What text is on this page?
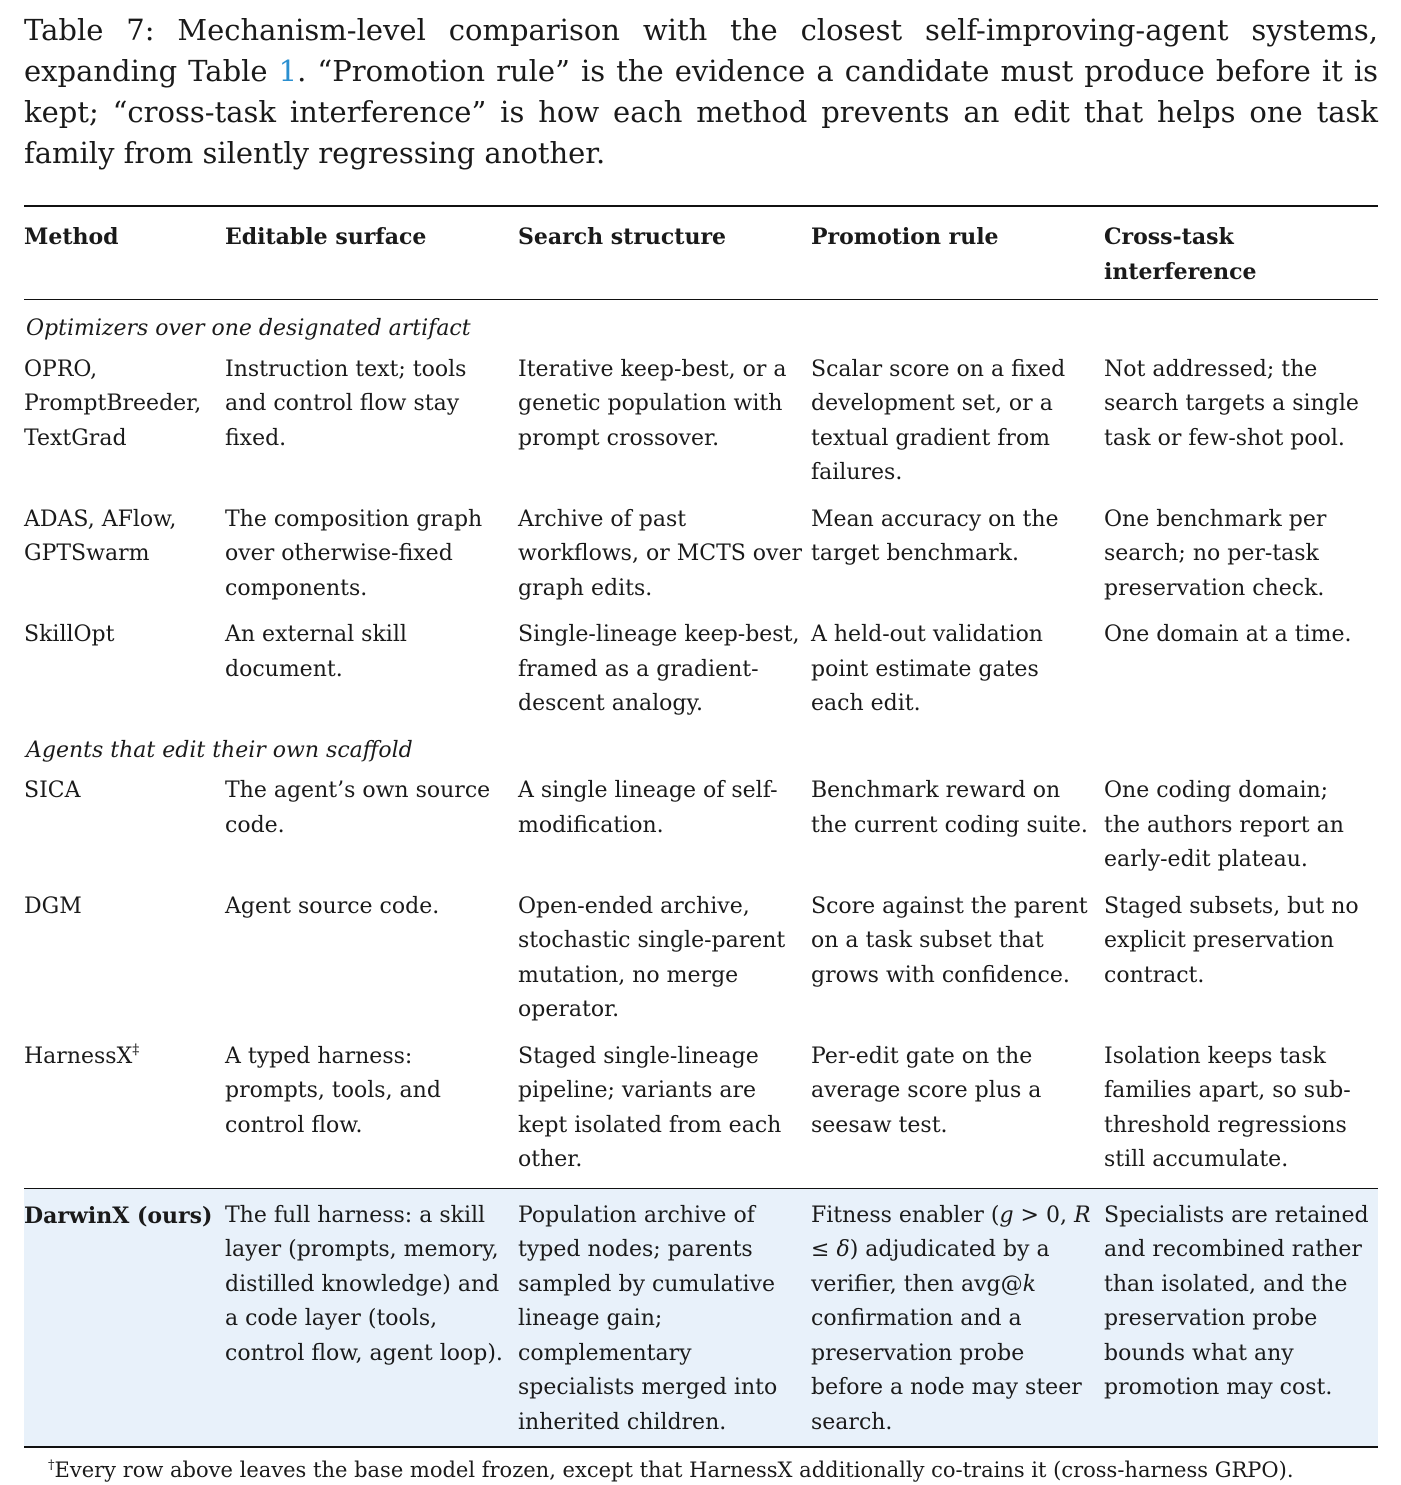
Table 7: Mechanism-level comparison with the closest self-improving-agent systems, expanding Table 1. “Promotion rule” is the evidence a candidate must produce before it is kept; “cross-task interference” is how each method prevents an edit that helps one task family from silently regressing another.
Method	Editable surface	Search structure	Promotion rule	Cross-task interference
Optimizers over one designated artifact				
OPRO, PromptBreeder, TextGrad	Instruction text; tools and control flow stay fixed.	Iterative keep-best, or a genetic population with prompt crossover.	Scalar score on a fixed development set, or a textual gradient from failures.	Not addressed; the search targets a single task or few-shot pool.
ADAS, AFlow, GPTSwarm	The composition graph over otherwise-fixed components.	Archive of past workflows, or MCTS over graph edits.	Mean accuracy on the target benchmark.	One benchmark per search; no per-task preservation check.
SkillOpt	An external skill document.	Single-lineage keep-best, framed as a gradient-descent analogy.	A held-out validation point estimate gates each edit.	One domain at a time.
Agents that edit their own scaffold				
SICA	The agent’s own source code.	A single lineage of self-modification.	Benchmark reward on the current coding suite.	One coding domain; the authors report an early-edit plateau.
DGM	Agent source code.	Open-ended archive, stochastic single-parent mutation, no merge operator.	Score against the parent on a task subset that grows with confidence.	Staged subsets, but no explicit preservation contract.
HarnessX‡	A typed harness: prompts, tools, and control flow.	Staged single-lineage pipeline; variants are kept isolated from each other.	Per-edit gate on the average score plus a seesaw test.	Isolation keeps task families apart, so sub-threshold regressions still accumulate.
DarwinX (ours)	The full harness: a skill layer (prompts, memory, distilled knowledge) and a code layer (tools, control flow, agent loop).	Population archive of typed nodes; parents sampled by cumulative lineage gain; complementary specialists merged into inherited children.	Fitness enabler (g > 0, R ≤ δ) adjudicated by a verifier, then avg@k confirmation and a preservation probe before a node may steer search.	Specialists are retained and recombined rather than isolated, and the preservation probe bounds what any promotion may cost.
†Every row above leaves the base model frozen, except that HarnessX additionally co-trains it (cross-harness GRPO).
